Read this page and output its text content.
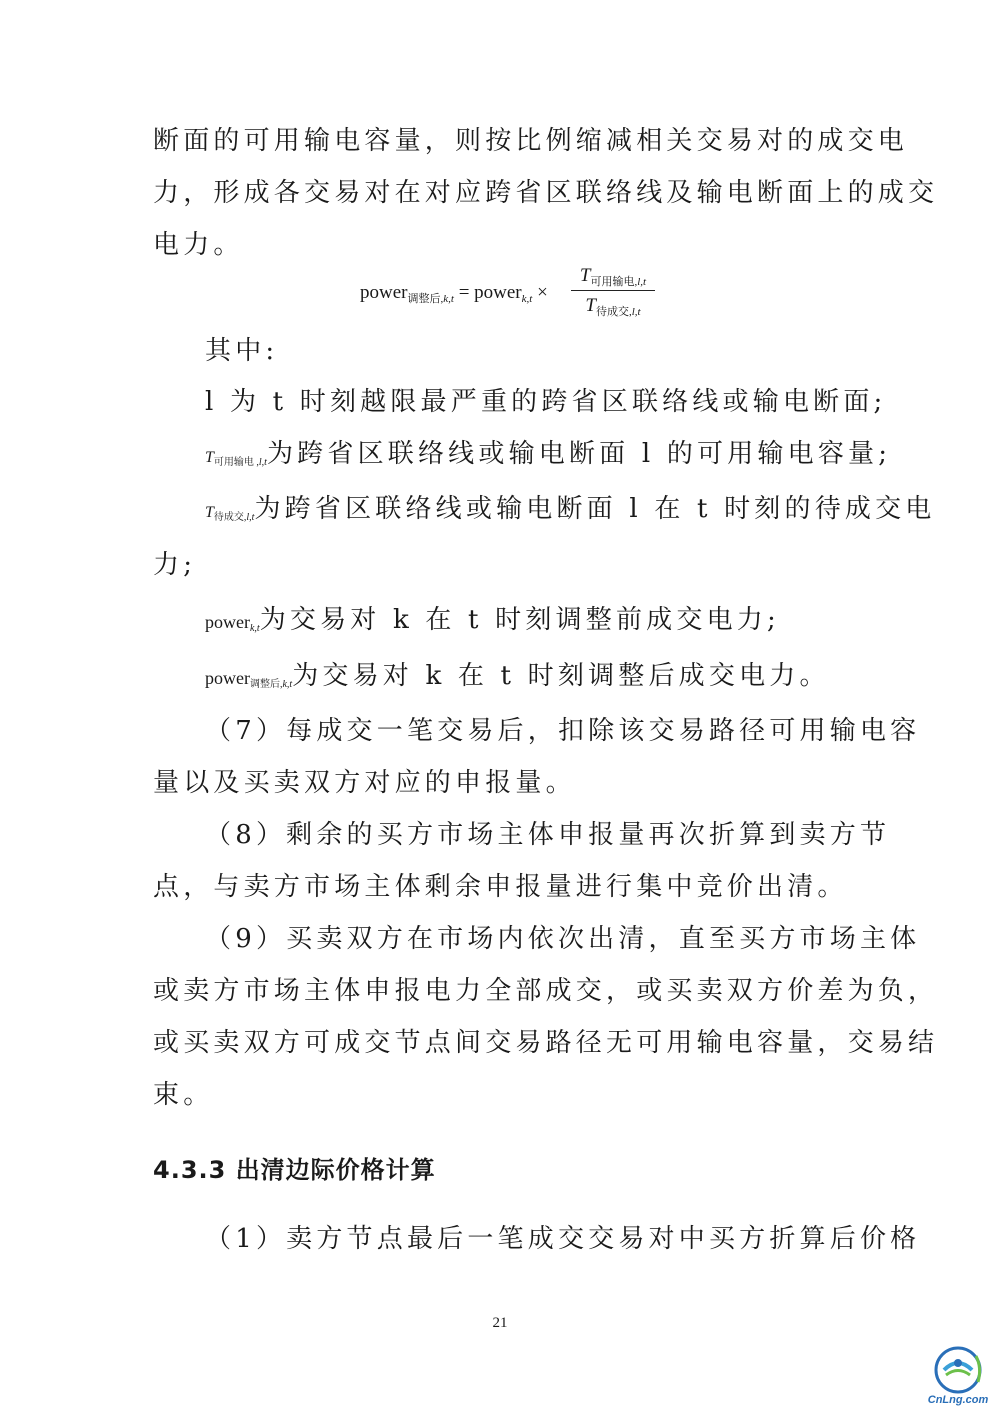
断面的可用输电容量，则按比例缩减相关交易对的成交电
力，形成各交易对在对应跨省区联络线及输电断面上的成交
电力。
power$_{调整后,k,t}$ = power$_{k,t}$ ×
$T_{可用输电,l,t}$
$T_{待成交,l,t}$
其中:
l 为 t 时刻越限最严重的跨省区联络线或输电断面;
T可用输电 ,l,t为跨省区联络线或输电断面 l 的可用输电容量;
T待成交,l,t为跨省区联络线或输电断面 l 在 t 时刻的待成交电
力;
powerk,t为交易对 k 在 t 时刻调整前成交电力;
power调整后,k,t为交易对 k 在 t 时刻调整后成交电力。
（7）每成交一笔交易后，扣除该交易路径可用输电容
量以及买卖双方对应的申报量。
（8）剩余的买方市场主体申报量再次折算到卖方节
点，与卖方市场主体剩余申报量进行集中竞价出清。
（9）买卖双方在市场内依次出清，直至买方市场主体
或卖方市场主体申报电力全部成交，或买卖双方价差为负，
或买卖双方可成交节点间交易路径无可用输电容量，交易结
束。
4.3.3 出清边际价格计算
（1）卖方节点最后一笔成交交易对中买方折算后价格
21
CnLng.com
